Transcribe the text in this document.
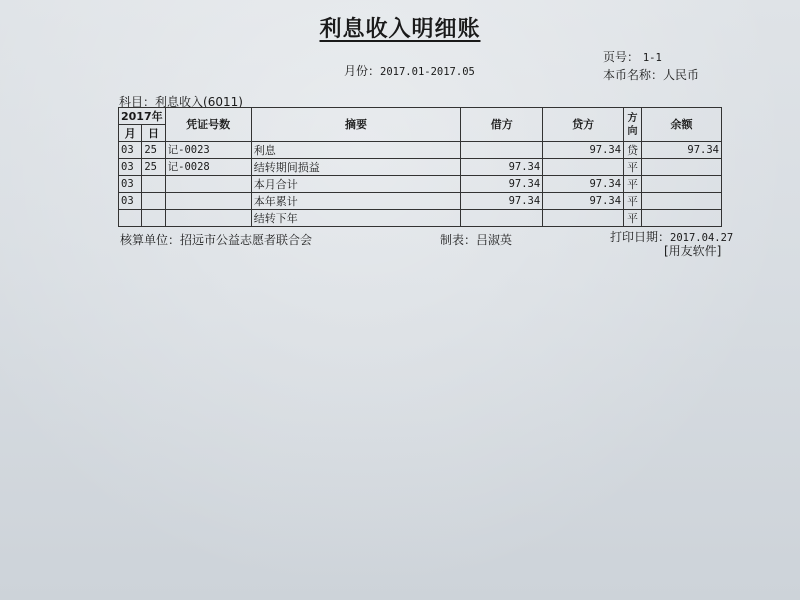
利息收入明细账
月份：2017.01-2017.05
页号： 1-1
本币名称：人民币
科目：利息收入(6011)
2017年		凭证号数	摘要	借方	贷方	方向	余额
月	日						
03	25	记-0023	利息		97.34	贷	97.34
03	25	记-0028	结转期间损益	97.34		平	
03			本月合计	97.34	97.34	平	
03			本年累计	97.34	97.34	平	
			结转下年			平	
核算单位：招远市公益志愿者联合会	制表：吕淑英	打印日期：2017.04.27
[用友软件]
